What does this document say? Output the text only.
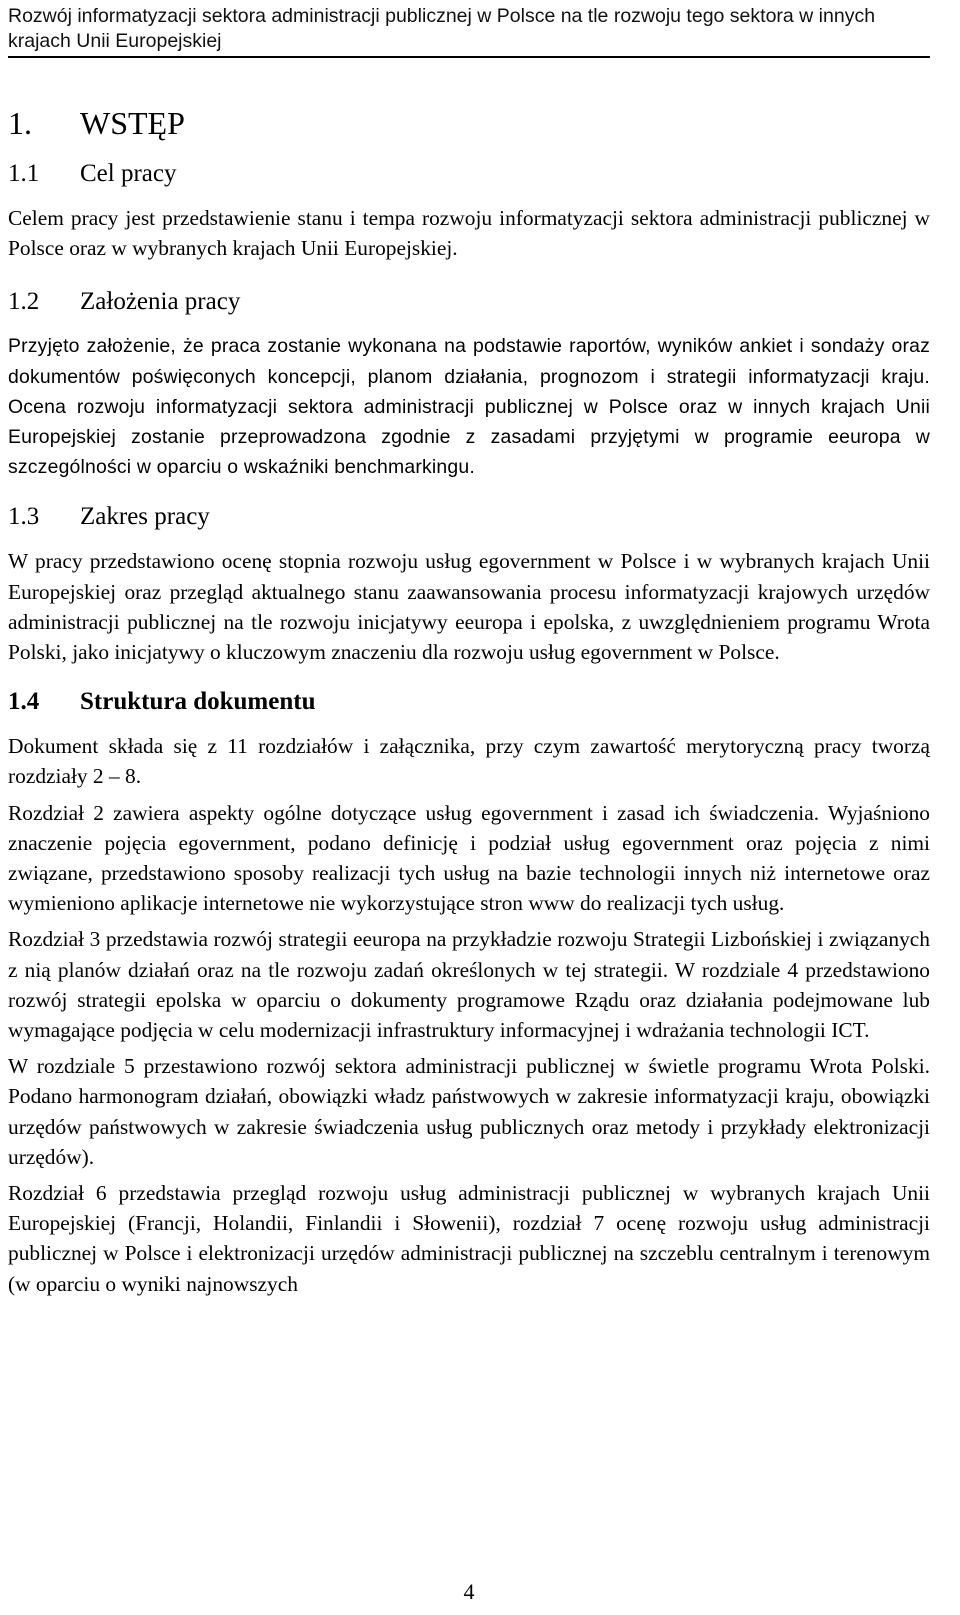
Rozwój informatyzacji sektora administracji publicznej w Polsce na tle rozwoju tego sektora w innych krajach Unii Europejskiej
1.	WSTĘP
1.1	Cel pracy

Celem pracy jest przedstawienie stanu i tempa rozwoju informatyzacji sektora administracji publicznej w Polsce oraz w wybranych krajach Unii Europejskiej.

1.2	Założenia pracy

Przyjęto założenie, że praca zostanie wykonana na podstawie raportów, wyników ankiet i sondaży oraz dokumentów poświęconych koncepcji, planom działania, prognozom i strategii informatyzacji kraju. Ocena rozwoju informatyzacji sektora administracji publicznej w Polsce oraz w innych krajach Unii Europejskiej zostanie przeprowadzona zgodnie z zasadami przyjętymi w programie eeuropa w szczególności w oparciu o wskaźniki benchmarkingu.

1.3	Zakres pracy

W pracy przedstawiono ocenę stopnia rozwoju usług egovernment w Polsce i w wybranych krajach Unii Europejskiej oraz przegląd aktualnego stanu zaawansowania procesu informatyzacji krajowych urzędów administracji publicznej na tle rozwoju inicjatywy eeuropa i epolska, z uwzględnieniem programu Wrota Polski, jako inicjatywy o kluczowym znaczeniu dla rozwoju usług egovernment w Polsce.

1.4	Struktura dokumentu

Dokument składa się z 11 rozdziałów i załącznika, przy czym zawartość merytoryczną pracy tworzą rozdziały 2 – 8.

Rozdział 2 zawiera aspekty ogólne dotyczące usług egovernment i zasad ich świadczenia. Wyjaśniono znaczenie pojęcia egovernment, podano definicję i podział usług egovernment oraz pojęcia z nimi związane, przedstawiono sposoby realizacji tych usług na bazie technologii innych niż internetowe oraz wymieniono aplikacje internetowe nie wykorzystujące stron www do realizacji tych usług.

Rozdział 3 przedstawia rozwój strategii eeuropa na przykładzie rozwoju Strategii Lizbońskiej i związanych z nią planów działań oraz na tle rozwoju zadań określonych w tej strategii. W rozdziale 4 przedstawiono rozwój strategii epolska w oparciu o dokumenty programowe Rządu oraz działania podejmowane lub wymagające podjęcia w celu modernizacji infrastruktury informacyjnej i wdrażania technologii ICT.

W rozdziale 5 przestawiono rozwój sektora administracji publicznej w świetle programu Wrota Polski. Podano harmonogram działań, obowiązki władz państwowych w zakresie informatyzacji kraju, obowiązki urzędów państwowych w zakresie świadczenia usług publicznych oraz metody i przykłady elektronizacji urzędów).

Rozdział 6 przedstawia przegląd rozwoju usług administracji publicznej w wybranych krajach Unii Europejskiej (Francji, Holandii, Finlandii i Słowenii), rozdział 7 ocenę rozwoju usług administracji publicznej w Polsce i elektronizacji urzędów administracji publicznej na szczeblu centralnym i terenowym (w oparciu o wyniki najnowszych

4
